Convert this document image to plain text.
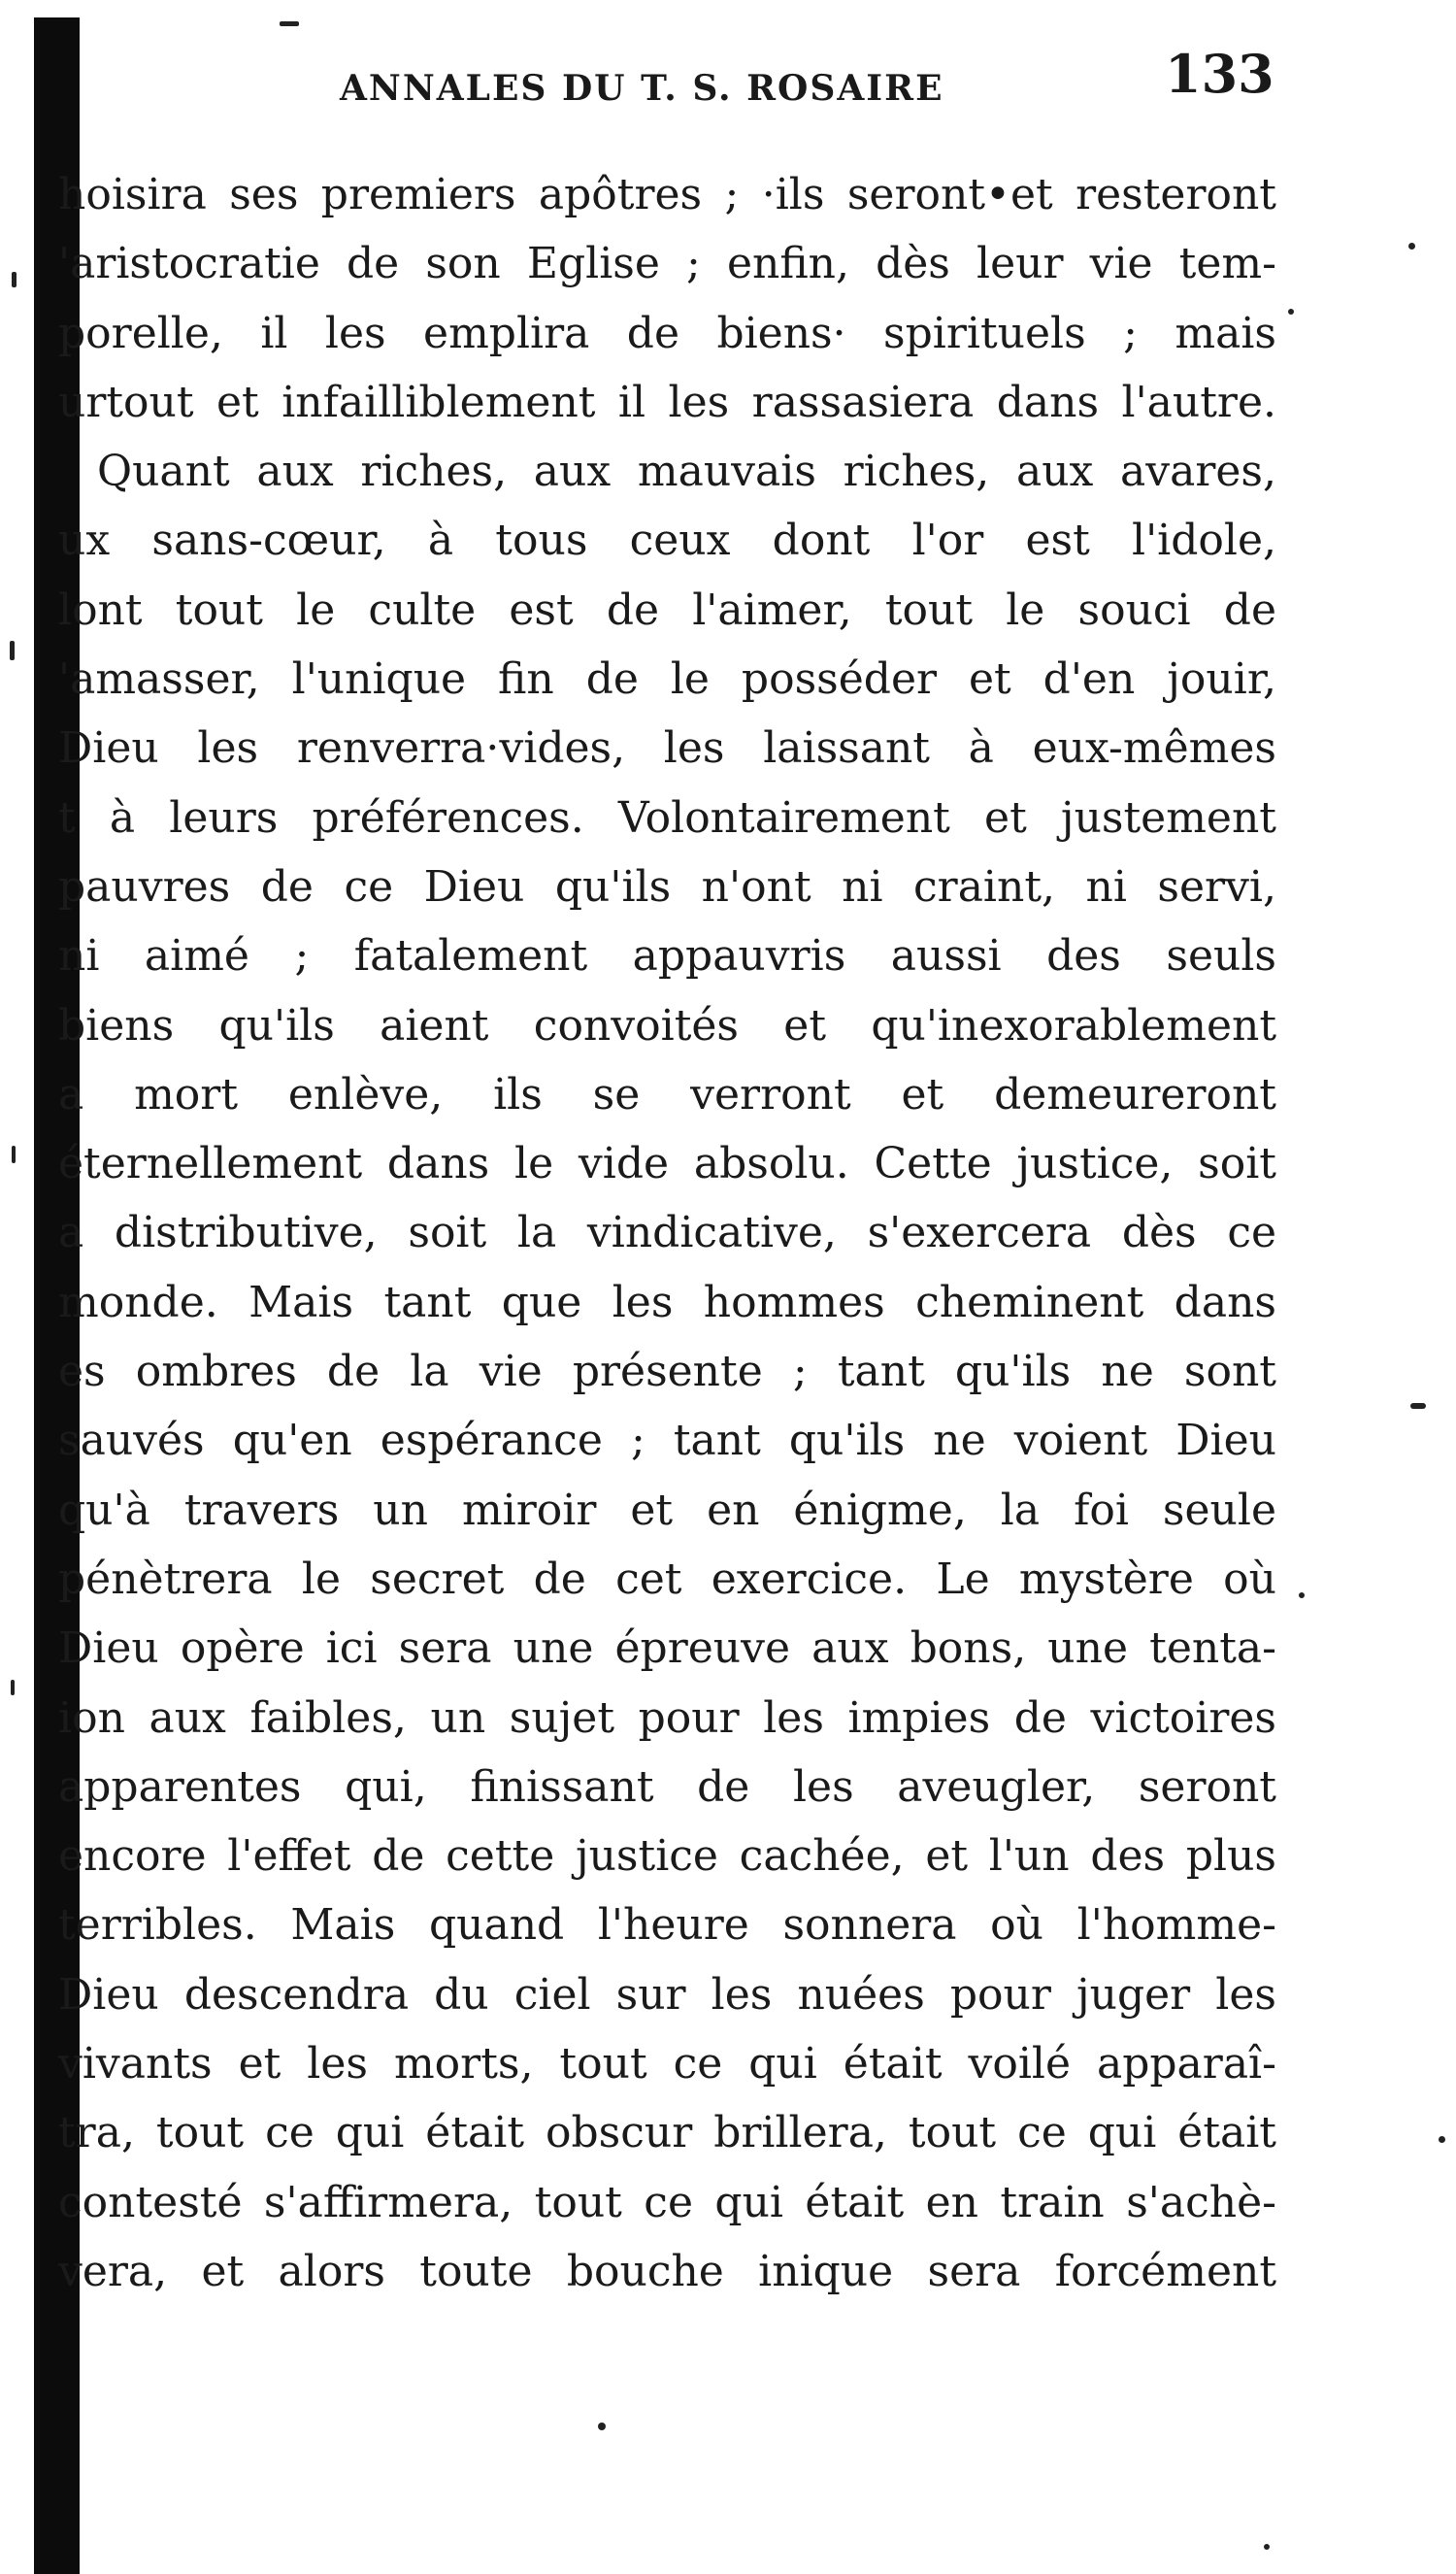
ANNALES DU T. S. ROSAIRE	133
hoisira ses premiers apôtres ; ·ils seront•et resteront
'aristocratie de son Eglise ; enfin, dès leur vie tem-
porelle, il les emplira de biens· spirituels ; mais
urtout et infailliblement il les rassasiera dans l'autre.
Quant aux riches, aux mauvais riches, aux avares,
ux sans-cœur, à tous ceux dont l'or est l'idole,
lont tout le culte est de l'aimer, tout le souci de
'amasser, l'unique fin de le posséder et d'en jouir,
Dieu les renverra·vides, les laissant à eux-mêmes
t à leurs préférences. Volontairement et justement
pauvres de ce Dieu qu'ils n'ont ni craint, ni servi,
ni aimé ; fatalement appauvris aussi des seuls
biens qu'ils aient convoités et qu'inexorablement
a mort enlève, ils se verront et demeureront
éternellement dans le vide absolu. Cette justice, soit
a distributive, soit la vindicative, s'exercera dès ce
monde. Mais tant que les hommes cheminent dans
es ombres de la vie présente ; tant qu'ils ne sont
sauvés qu'en espérance ; tant qu'ils ne voient Dieu
qu'à travers un miroir et en énigme, la foi seule
pénètrera le secret de cet exercice. Le mystère où
Dieu opère ici sera une épreuve aux bons, une tenta-
ion aux faibles, un sujet pour les impies de victoires
apparentes qui, finissant de les aveugler, seront
encore l'effet de cette justice cachée, et l'un des plus
terribles. Mais quand l'heure sonnera où l'homme-
Dieu descendra du ciel sur les nuées pour juger les
vivants et les morts, tout ce qui était voilé apparaî-
tra, tout ce qui était obscur brillera, tout ce qui était
contesté s'affirmera, tout ce qui était en train s'achè-
vera, et alors toute bouche inique sera forcément
